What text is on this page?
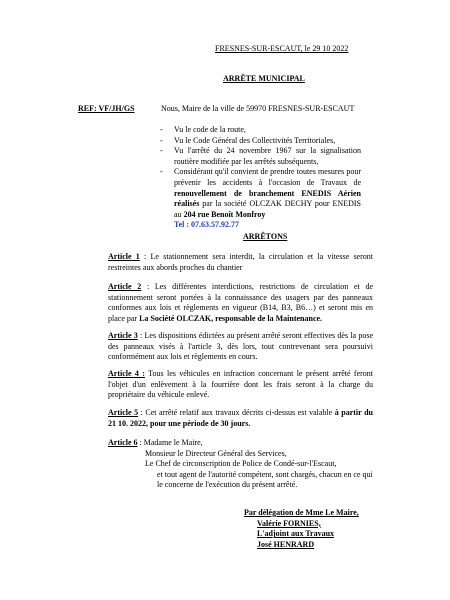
FRESNES-SUR-ESCAUT, le 29 10 2022
ARRÊTE MUNICIPAL
REF: VF/JH/GS	Nous, Maire de la ville de 59970 FRESNES-SUR-ESCAUT
- Vu le code de la route,
- Vu le Code Général des Collectivités Territoriales,
- Vu l'arrêté du 24 novembre 1967 sur la signalisation routière modifiée par les arrêtés subséquents,
- Considérant qu'il convient de prendre toutes mesures pour prévenir les accidents à l'occasion de Travaux de renouvellement de branchement ENEDIS Aérien réalisés par la société OLCZAK DECHY pour ENEDIS au 204 rue Benoît Monfroy
Tel : 07.63.57.92.77
ARRÊTONS
Article 1 : Le stationnement sera interdit, la circulation et la vitesse seront restreintes aux abords proches du chantier
Article 2 : Les différentes interdictions, restrictions de circulation et de stationnement seront portées à la connaissance des usagers par des panneaux conformes aux lois et règlements en vigueur (B14, B3, B6…) et seront mis en place par La Société OLCZAK, responsable de la Maintenance.
Article 3 : Les dispositions édictées au présent arrêté seront effectives dès la pose des panneaux visés à l'article 3, dès lors, tout contrevenant sera poursuivi conformément aux lois et règlements en cours.
Article 4 : Tous les véhicules en infraction concernant le présent arrêté feront l'objet d'un enlèvement à la fourrière dont les frais seront à la charge du propriétaire du véhicule enlevé.
Article 5 : Cet arrêté relatif aux travaux décrits ci-dessus est valable à partir du 21 10. 2022, pour une période de 30 jours.
Article 6 : Madame le Maire,
Monsieur le Directeur Général des Services,
Le Chef de circonscription de Police de Condé-sur-l'Escaut,
et tout agent de l'autorité compétent, sont chargés, chacun en ce qui le concerne de l'exécution du présent arrêté.
Par délégation de Mme Le Maire,
Valérie FORNIES,
L'adjoint aux Travaux
José HENRARD
